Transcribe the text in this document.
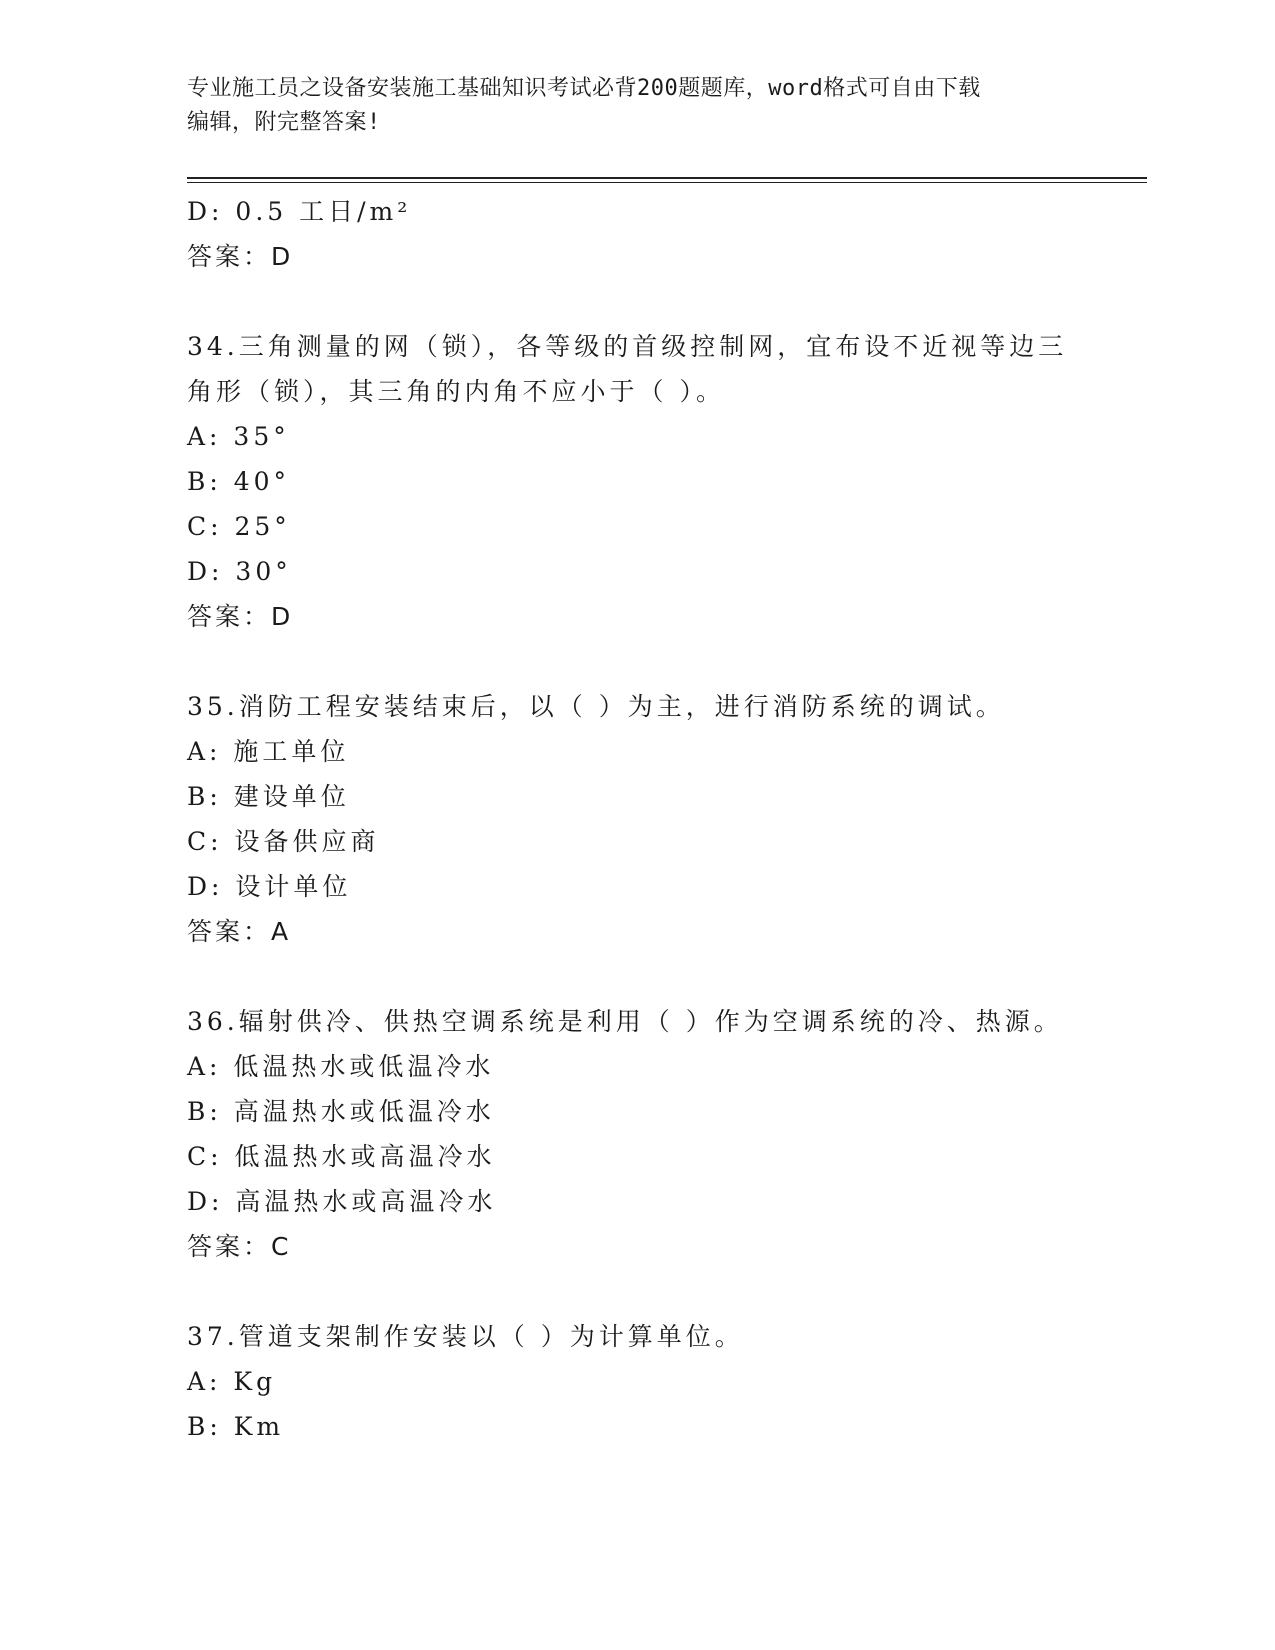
专业施工员之设备安装施工基础知识考试必背200题题库，word格式可自由下载
编辑，附完整答案!
D: 0.5 工日/m²
答案：D
34.三角测量的网（锁），各等级的首级控制网，宜布设不近视等边三
角形（锁），其三角的内角不应小于（ ）。
A: 35°
B: 40°
C: 25°
D: 30°
答案：D
35.消防工程安装结束后，以（ ）为主，进行消防系统的调试。
A: 施工单位
B: 建设单位
C: 设备供应商
D: 设计单位
答案：A
36.辐射供冷、供热空调系统是利用（ ）作为空调系统的冷、热源。
A: 低温热水或低温冷水
B: 高温热水或低温冷水
C: 低温热水或高温冷水
D: 高温热水或高温冷水
答案：C
37.管道支架制作安装以（ ）为计算单位。
A: Kg
B: Km
